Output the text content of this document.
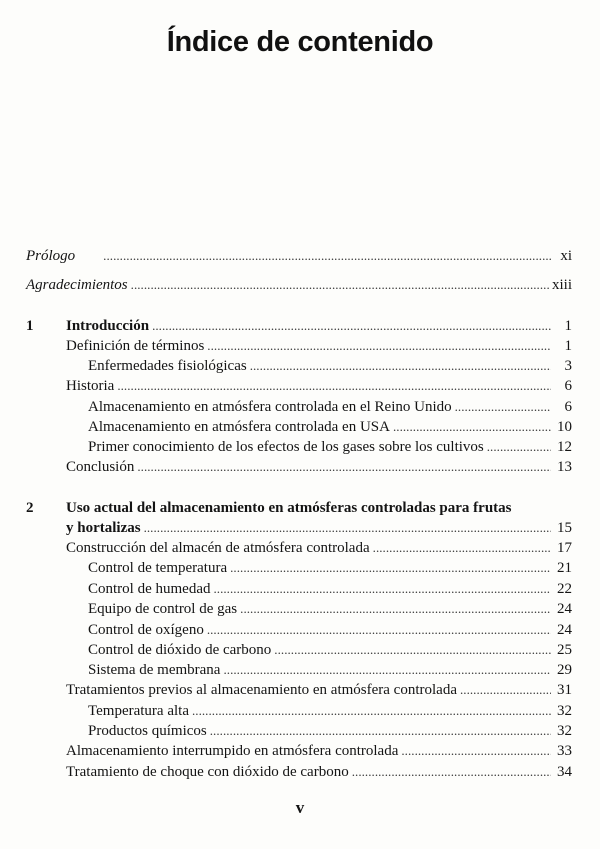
Índice de contenido
Prólogo . . .	xi
Agradecimientos . . .	xiii
1 Introducción . . .	1
Definición de términos . . .	1
Enfermedades fisiológicas . . .	3
Historia . . .	6
Almacenamiento en atmósfera controlada en el Reino Unido . . .	6
Almacenamiento en atmósfera controlada en USA . . .	10
Primer conocimiento de los efectos de los gases sobre los cultivos . . .	12
Conclusión . . .	13
2 Uso actual del almacenamiento en atmósferas controladas para frutas
y hortalizas . . .	15
Construcción del almacén de atmósfera controlada . . .	17
Control de temperatura . . .	21
Control de humedad . . .	22
Equipo de control de gas . . .	24
Control de oxígeno . . .	24
Control de dióxido de carbono . . .	25
Sistema de membrana . . .	29
Tratamientos previos al almacenamiento en atmósfera controlada . . .	31
Temperatura alta . . .	32
Productos químicos . . .	32
Almacenamiento interrumpido en atmósfera controlada . . .	33
Tratamiento de choque con dióxido de carbono . . .	34
v
